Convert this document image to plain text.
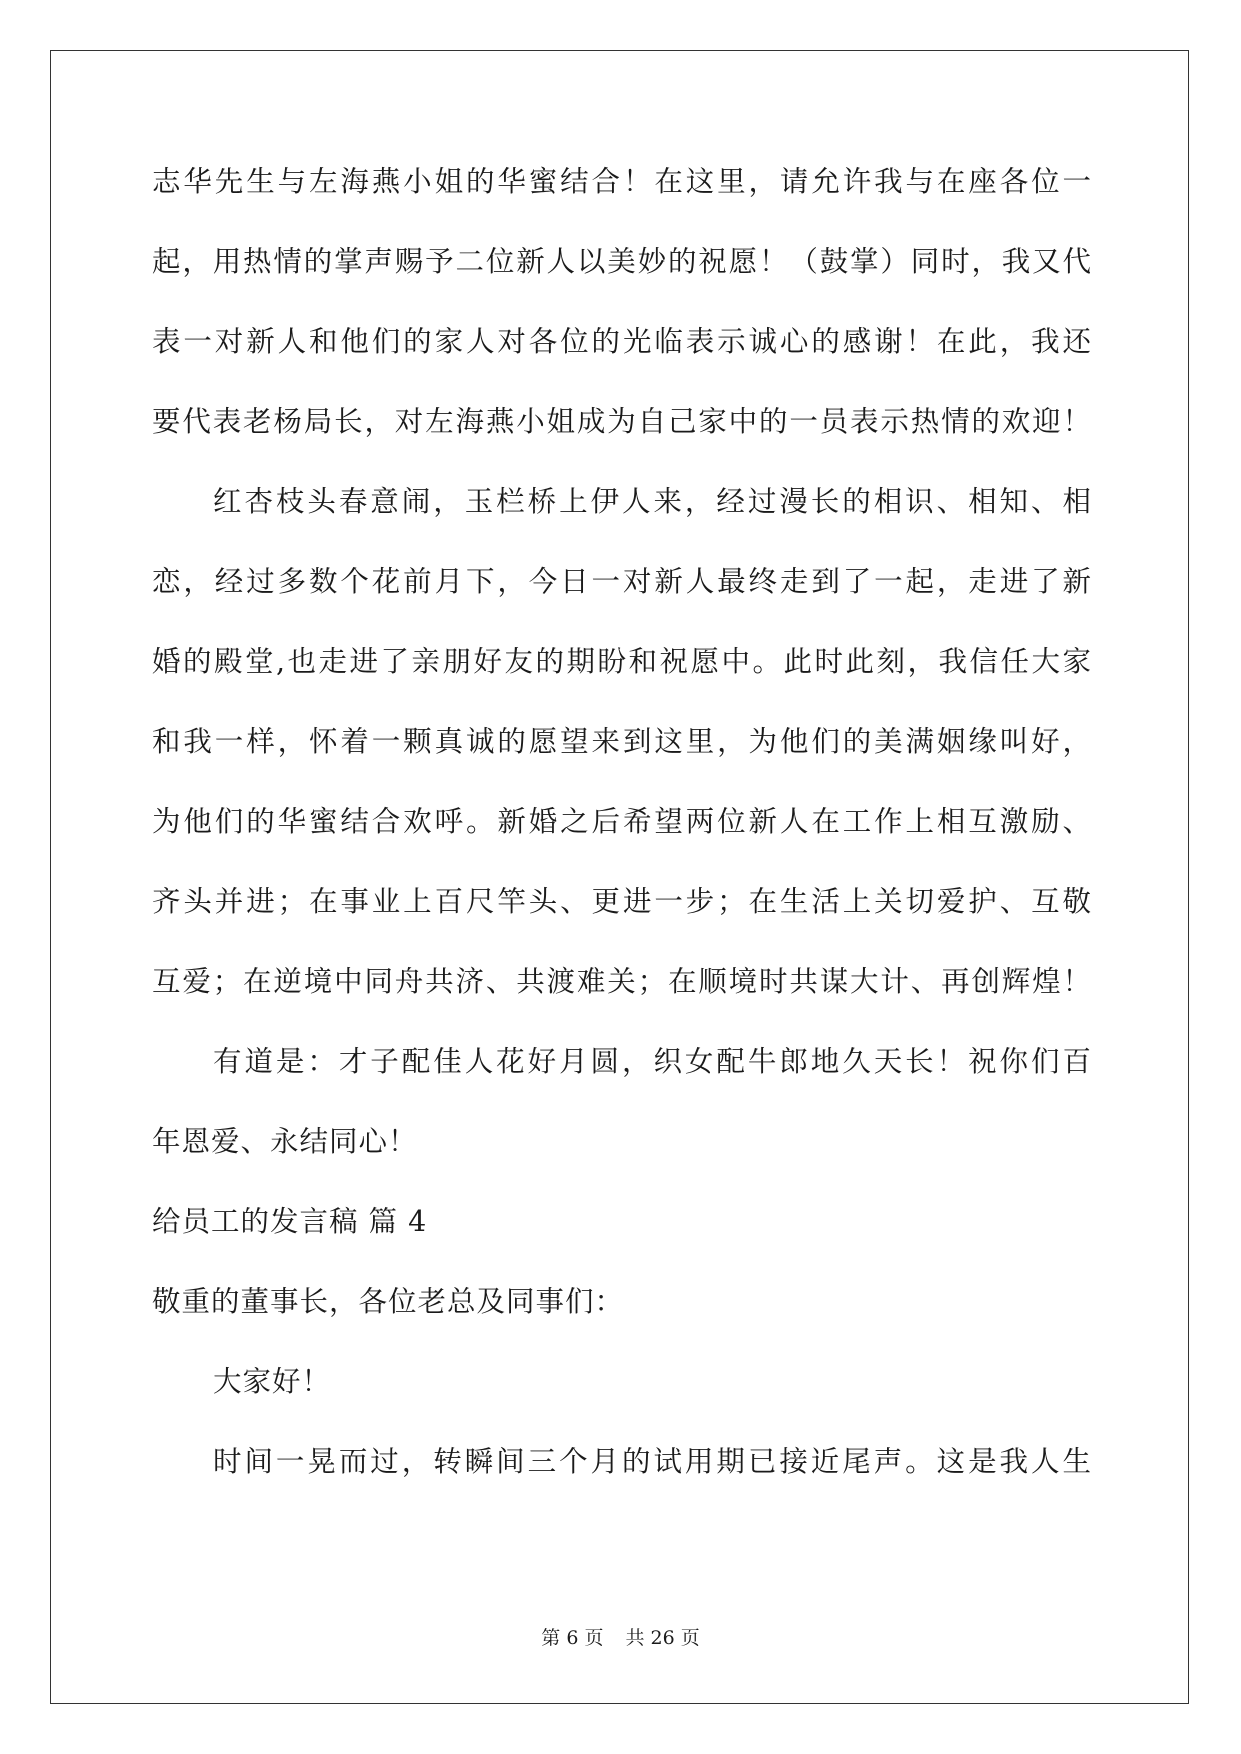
志华先生与左海燕小姐的华蜜结合！在这里，请允许我与在座各位一
起，用热情的掌声赐予二位新人以美妙的祝愿！（鼓掌）同时，我又代
表一对新人和他们的家人对各位的光临表示诚心的感谢！在此，我还
要代表老杨局长，对左海燕小姐成为自己家中的一员表示热情的欢迎！
红杏枝头春意闹，玉栏桥上伊人来，经过漫长的相识、相知、相
恋，经过多数个花前月下，今日一对新人最终走到了一起，走进了新
婚的殿堂,也走进了亲朋好友的期盼和祝愿中。此时此刻，我信任大家
和我一样，怀着一颗真诚的愿望来到这里，为他们的美满姻缘叫好，
为他们的华蜜结合欢呼。新婚之后希望两位新人在工作上相互激励、
齐头并进；在事业上百尺竿头、更进一步；在生活上关切爱护、互敬
互爱；在逆境中同舟共济、共渡难关；在顺境时共谋大计、再创辉煌！
有道是：才子配佳人花好月圆，织女配牛郎地久天长！祝你们百
年恩爱、永结同心！
给员工的发言稿 篇 4
敬重的董事长，各位老总及同事们：
大家好！
时间一晃而过，转瞬间三个月的试用期已接近尾声。这是我人生
第 6 页 共 26 页
